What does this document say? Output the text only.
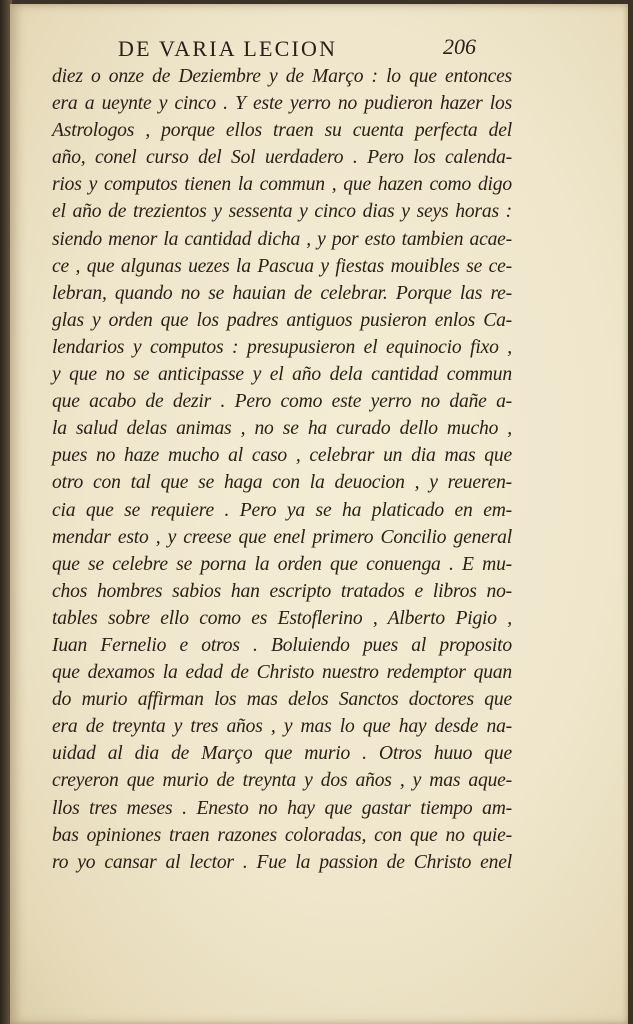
DE VARIA LECION	206
diez o onze de Deziembre y de Março : lo que entonces
era a ueynte y cinco . Y este yerro no pudieron hazer los
Astrologos , porque ellos traen su cuenta perfecta del
año, conel curso del Sol uerdadero . Pero los calenda-
rios y computos tienen la commun , que hazen como digo
el año de trezientos y sessenta y cinco dias y seys horas :
siendo menor la cantidad dicha , y por esto tambien acae-
ce , que algunas uezes la Pascua y fiestas mouibles se ce-
lebran, quando no se hauian de celebrar. Porque las re-
glas y orden que los padres antiguos pusieron enlos Ca-
lendarios y computos : presupusieron el equinocio fixo ,
y que no se anticipasse y el año dela cantidad commun
que acabo de dezir . Pero como este yerro no dañe a-
la salud delas animas , no se ha curado dello mucho ,
pues no haze mucho al caso , celebrar un dia mas que
otro con tal que se haga con la deuocion , y reueren-
cia que se requiere . Pero ya se ha platicado en em-
mendar esto , y creese que enel primero Concilio general
que se celebre se porna la orden que conuenga . E mu-
chos hombres sabios han escripto tratados e libros no-
tables sobre ello como es Estoflerino , Alberto Pigio ,
Iuan Fernelio e otros . Boluiendo pues al proposito
que dexamos la edad de Christo nuestro redemptor quan
do murio affirman los mas delos Sanctos doctores que
era de treynta y tres años , y mas lo que hay desde na-
uidad al dia de Março que murio . Otros huuo que
creyeron que murio de treynta y dos años , y mas aque-
llos tres meses . Enesto no hay que gastar tiempo am-
bas opiniones traen razones coloradas, con que no quie-
ro yo cansar al lector . Fue la passion de Christo enel
